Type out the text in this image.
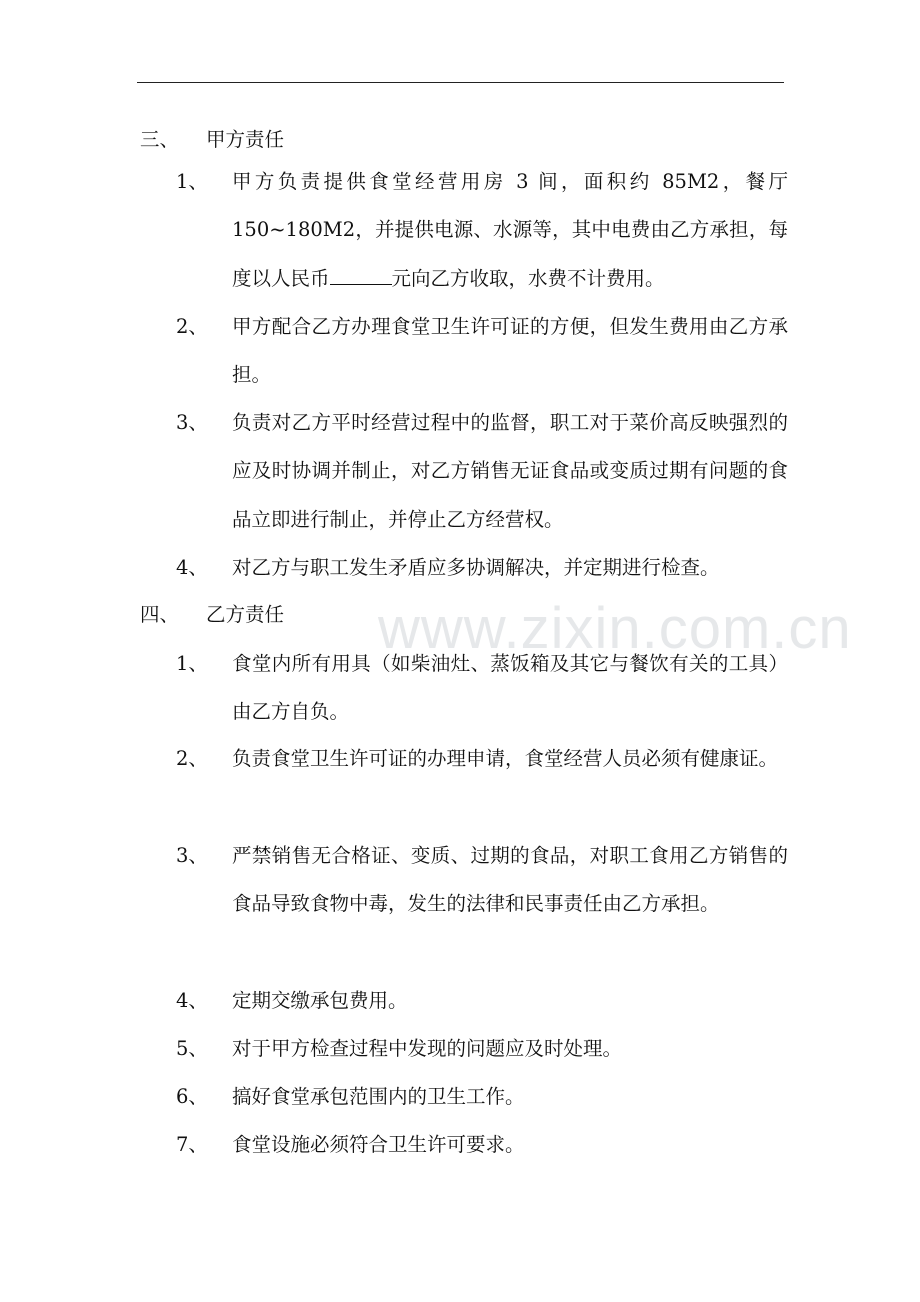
www.zixin.com.cn
三、 甲方责任
1、	甲方负责提供食堂经营用房 3 间，面积约 85M2，餐厅150~180M2，并提供电源、水源等，其中电费由乙方承担，每度以人民币	元向乙方收取，水费不计费用。
2、	甲方配合乙方办理食堂卫生许可证的方便，但发生费用由乙方承担。
3、	负责对乙方平时经营过程中的监督，职工对于菜价高反映强烈的应及时协调并制止，对乙方销售无证食品或变质过期有问题的食品立即进行制止，并停止乙方经营权。
4、	对乙方与职工发生矛盾应多协调解决，并定期进行检查。
四、 乙方责任
1、	食堂内所有用具（如柴油灶、蒸饭箱及其它与餐饮有关的工具）由乙方自负。
2、	负责食堂卫生许可证的办理申请，食堂经营人员必须有健康证。
3、	严禁销售无合格证、变质、过期的食品，对职工食用乙方销售的食品导致食物中毒，发生的法律和民事责任由乙方承担。
4、	定期交缴承包费用。
5、	对于甲方检查过程中发现的问题应及时处理。
6、	搞好食堂承包范围内的卫生工作。
7、	食堂设施必须符合卫生许可要求。
